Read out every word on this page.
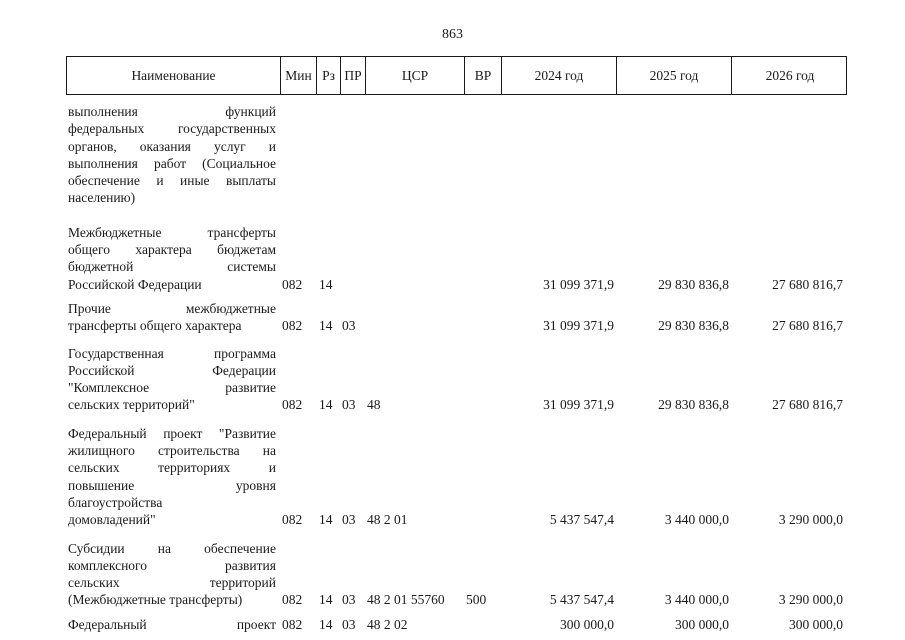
863
Наименование	Мин Рз ПР	ЦСР	ВР	2024 год	2025 год	2026 год
выполнения функций
федеральных государственных
органов, оказания услуг и
выполнения работ (Социальное
обеспечение и иные выплаты
населению)
Межбюджетные трансферты
общего характера бюджетам
бюджетной системы
Российской Федерации	082 14	31 099 371,9	29 830 836,8	27 680 816,7
Прочие межбюджетные
трансферты общего характера	082 14 03	31 099 371,9	29 830 836,8	27 680 816,7
Государственная программа
Российской Федерации
"Комплексное развитие
сельских территорий"	082 14 03 48	31 099 371,9	29 830 836,8	27 680 816,7
Федеральный проект "Развитие
жилищного строительства на
сельских территориях и
повышение уровня
благоустройства
домовладений"	082 14 03 48 2 01	5 437 547,4	3 440 000,0	3 290 000,0
Субсидии на обеспечение
комплексного развития
сельских территорий
(Межбюджетные трансферты)	082 14 03 48 2 01 55760 500	5 437 547,4	3 440 000,0	3 290 000,0
Федеральный проект 082 14 03 48 2 02	300 000,0	300 000,0	300 000,0
